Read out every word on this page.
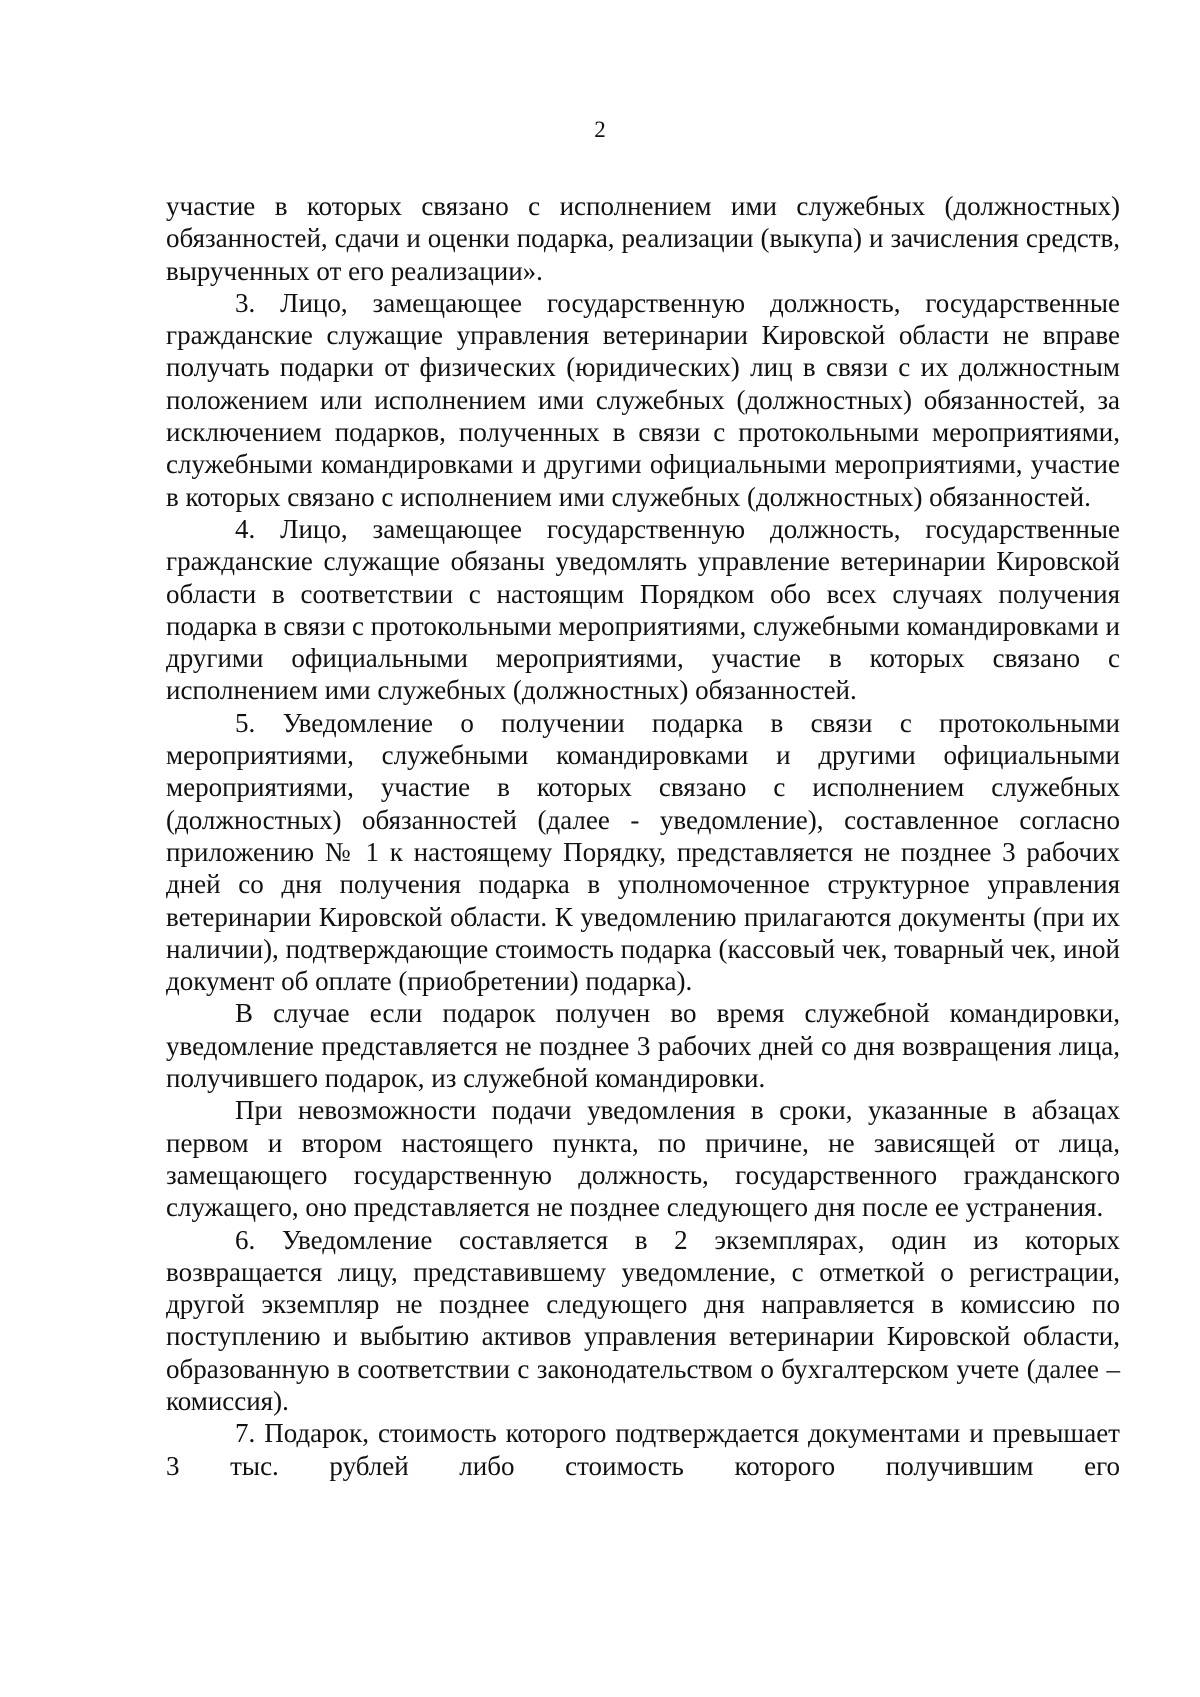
2

участие в которых связано с исполнением ими служебных (должностных) обязанностей, сдачи и оценки подарка, реализации (выкупа) и зачисления средств, вырученных от его реализации».

3. Лицо, замещающее государственную должность, государственные гражданские служащие управления ветеринарии Кировской области не вправе получать подарки от физических (юридических) лиц в связи с их должностным положением или исполнением ими служебных (должностных) обязанностей, за исключением подарков, полученных в связи с протокольными мероприятиями, служебными командировками и другими официальными мероприятиями, участие в которых связано с исполнением ими служебных (должностных) обязанностей.

4. Лицо, замещающее государственную должность, государственные гражданские служащие обязаны уведомлять управление ветеринарии Кировской области в соответствии с настоящим Порядком обо всех случаях получения подарка в связи с протокольными мероприятиями, служебными командировками и другими официальными мероприятиями, участие в которых связано с исполнением ими служебных (должностных) обязанностей.

5. Уведомление о получении подарка в связи с протокольными мероприятиями, служебными командировками и другими официальными мероприятиями, участие в которых связано с исполнением служебных (должностных) обязанностей (далее - уведомление), составленное согласно приложению № 1 к настоящему Порядку, представляется не позднее 3 рабочих дней со дня получения подарка в уполномоченное структурное управления ветеринарии Кировской области. К уведомлению прилагаются документы (при их наличии), подтверждающие стоимость подарка (кассовый чек, товарный чек, иной документ об оплате (приобретении) подарка).

В случае если подарок получен во время служебной командировки, уведомление представляется не позднее 3 рабочих дней со дня возвращения лица, получившего подарок, из служебной командировки.

При невозможности подачи уведомления в сроки, указанные в абзацах первом и втором настоящего пункта, по причине, не зависящей от лица, замещающего государственную должность, государственного гражданского служащего, оно представляется не позднее следующего дня после ее устранения.

6. Уведомление составляется в 2 экземплярах, один из которых возвращается лицу, представившему уведомление, с отметкой о регистрации, другой экземпляр не позднее следующего дня направляется в комиссию по поступлению и выбытию активов управления ветеринарии Кировской области, образованную в соответствии с законодательством о бухгалтерском учете (далее – комиссия).

7. Подарок, стоимость которого подтверждается документами и превышает 3 тыс. рублей либо стоимость которого получившим его
